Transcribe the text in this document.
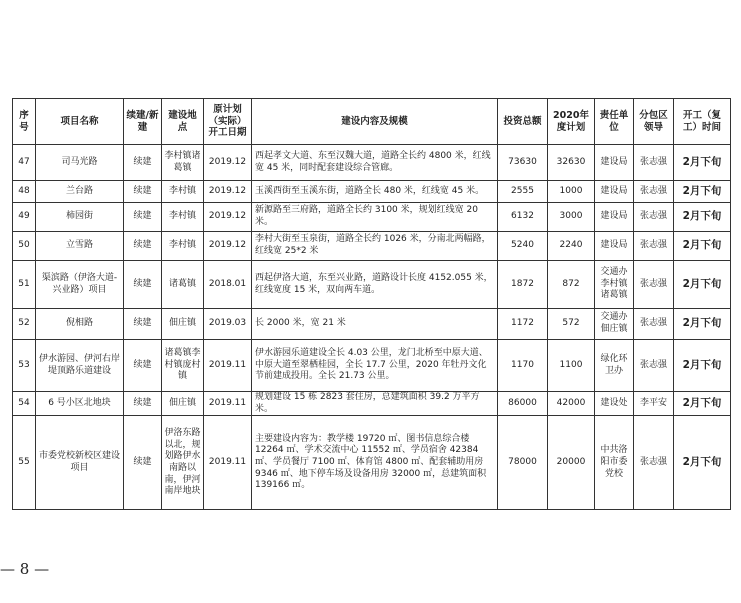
序号	项目名称	续建/新建	建设地点	原计划（实际）开工日期	建设内容及规模	投资总额	2020年度计划	责任单位	分包区领导	开工（复工）时间
47	司马光路	续建	李村镇诸葛镇	2019.12	西起孝文大道、东至汉魏大道，道路全长约 4800 米，红线宽 45 米，同时配套建设综合管廊。	73630	32630	建设局	张志强	2月下旬
48	兰台路	续建	李村镇	2019.12	玉溪西街至玉溪东街，道路全长 480 米，红线宽 45 米。	2555	1000	建设局	张志强	2月下旬
49	柿园街	续建	李村镇	2019.12	新源路至三府路，道路全长约 3100 米，规划红线宽 20 米。	6132	3000	建设局	张志强	2月下旬
50	立雪路	续建	李村镇	2019.12	李村大街至玉泉街，道路全长约 1026 米，分南北两幅路，红线宽 25*2 米	5240	2240	建设局	张志强	2月下旬
51	渠滨路（伊洛大道-兴业路）项目	续建	诸葛镇	2018.01	西起伊洛大道，东至兴业路，道路设计长度 4152.055 米，红线宽度 15 米，双向两车道。	1872	872	交通办李村镇诸葛镇	张志强	2月下旬
52	倪相路	续建	佃庄镇	2019.03	长 2000 米，宽 21 米	1172	572	交通办佃庄镇	张志强	2月下旬
53	伊水游园、伊河右岸堤顶路乐道建设	续建	诸葛镇李村镇庞村镇	2019.11	伊水游园乐道建设全长 4.03 公里，龙门北桥至中原大道、中原大道至翠栖桂园，全长 17.7 公里，2020 年牡丹文化节前建成投用。全长 21.73 公里。	1170	1100	绿化环卫办	张志强	2月下旬
54	6 号小区北地块	续建	佃庄镇	2019.11	规划建设 15 栋 2823 套住房，总建筑面积 39.2 万平方米。	86000	42000	建设处	李平安	2月下旬
55	市委党校新校区建设项目	续建	伊洛东路以北，规划路伊水南路以南，伊河南岸地块	2019.11	主要建设内容为：教学楼 19720 ㎡、图书信息综合楼 12264 ㎡、学术交流中心 11552 ㎡、学员宿舍 42384 ㎡、学员餐厅 7100 ㎡、体育馆 4800 ㎡、配套辅助用房 9346 ㎡、地下停车场及设备用房 32000 ㎡，总建筑面积 139166 ㎡。	78000	20000	中共洛阳市委党校	张志强	2月下旬
— 8 —
